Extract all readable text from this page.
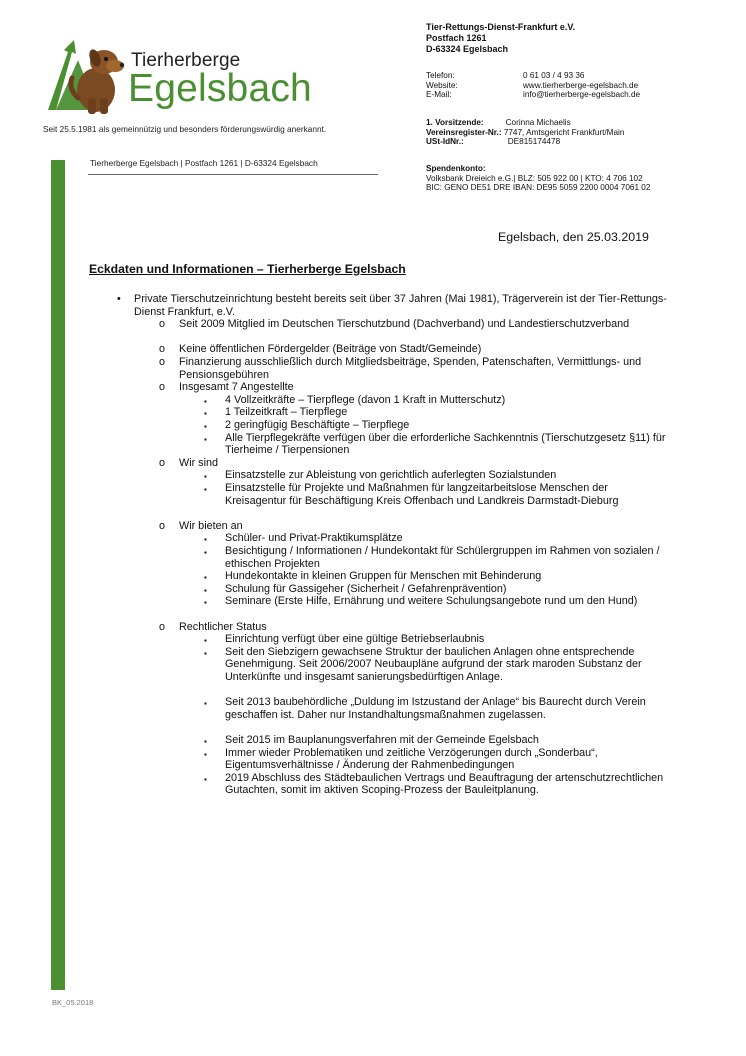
Tierherberge
Egelsbach
Seit 25.5.1981 als gemeinnützig und besonders förderungswürdig anerkannt.
Tierherberge Egelsbach | Postfach 1261 | D-63324 Egelsbach
Tier-Rettungs-Dienst-Frankfurt e.V.
Postfach 1261
D-63324 Egelsbach
Telefon:
Website:
E-Mail:
0 61 03 / 4 93 36
www.tierherberge-egelsbach.de
info@tierherberge-egelsbach.de
1. Vorsitzende:	Corinna Michaelis
Vereinsregister-Nr.: 7747, Amtsgericht Frankfurt/Main
USt-IdNr.:	DE815174478
Spendenkonto:
Volksbank Dreieich e.G.| BLZ: 505 922 00 | KTO: 4 706 102
BIC: GENO DE51 DRE IBAN: DE95 5059 2200 0004 7061 02
Egelsbach, den 25.03.2019
Eckdaten und Informationen – Tierherberge Egelsbach
• Private Tierschutzeinrichtung besteht bereits seit über 37 Jahren (Mai 1981), Trägerverein ist der Tier-Rettungs-Dienst Frankfurt, e.V.
o Seit 2009 Mitglied im Deutschen Tierschutzbund (Dachverband) und Landestierschutzverband
o Keine öffentlichen Fördergelder (Beiträge von Stadt/Gemeinde)
o Finanzierung ausschließlich durch Mitgliedsbeiträge, Spenden, Patenschaften, Vermittlungs- und Pensionsgebühren
o Insgesamt 7 Angestellte
▪ 4 Vollzeitkräfte – Tierpflege (davon 1 Kraft in Mutterschutz)
▪ 1 Teilzeitkraft – Tierpflege
▪ 2 geringfügig Beschäftigte – Tierpflege
▪ Alle Tierpflegekräfte verfügen über die erforderliche Sachkenntnis (Tierschutzgesetz §11) für Tierheime / Tierpensionen
o Wir sind
▪ Einsatzstelle zur Ableistung von gerichtlich auferlegten Sozialstunden
▪ Einsatzstelle für Projekte und Maßnahmen für langzeitarbeitslose Menschen der Kreisagentur für Beschäftigung Kreis Offenbach und Landkreis Darmstadt-Dieburg
o Wir bieten an
▪ Schüler- und Privat-Praktikumsplätze
▪ Besichtigung / Informationen / Hundekontakt für Schülergruppen im Rahmen von sozialen / ethischen Projekten
▪ Hundekontakte in kleinen Gruppen für Menschen mit Behinderung
▪ Schulung für Gassigeher (Sicherheit / Gefahrenprävention)
▪ Seminare (Erste Hilfe, Ernährung und weitere Schulungsangebote rund um den Hund)
o Rechtlicher Status
▪ Einrichtung verfügt über eine gültige Betriebserlaubnis
▪ Seit den Siebzigern gewachsene Struktur der baulichen Anlagen ohne entsprechende Genehmigung. Seit 2006/2007 Neubaupläne aufgrund der stark maroden Substanz der Unterkünfte und insgesamt sanierungsbedürftigen Anlage.
▪ Seit 2013 baubehördliche „Duldung im Istzustand der Anlage“ bis Baurecht durch Verein geschaffen ist. Daher nur Instandhaltungsmaßnahmen zugelassen.
▪ Seit 2015 im Bauplanungsverfahren mit der Gemeinde Egelsbach
▪ Immer wieder Problematiken und zeitliche Verzögerungen durch „Sonderbau“, Eigentumsverhältnisse / Änderung der Rahmenbedingungen
▪ 2019 Abschluss des Städtebaulichen Vertrags und Beauftragung der artenschutzrechtlichen Gutachten, somit im aktiven Scoping-Prozess der Bauleitplanung.
BK_05.2018
